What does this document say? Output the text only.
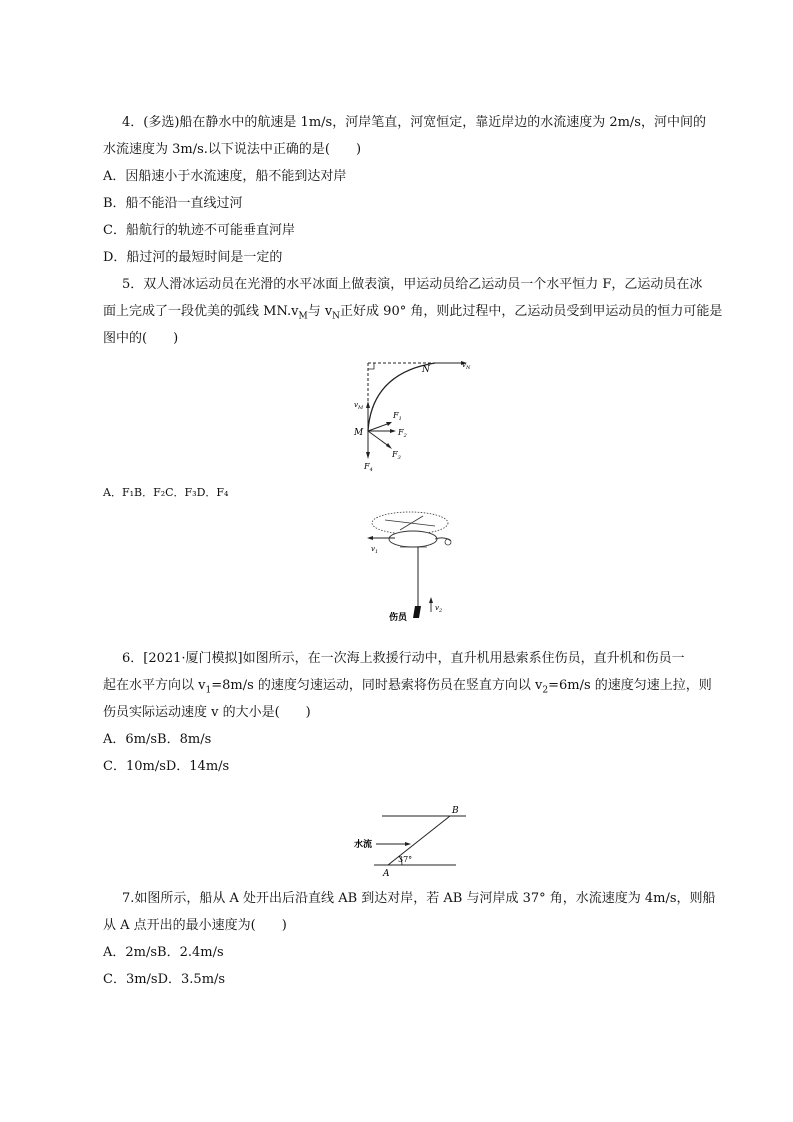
4．(多选)船在静水中的航速是 1m/s，河岸笔直，河宽恒定，靠近岸边的水流速度为 2m/s，河中间的
水流速度为 3m/s.以下说法中正确的是(　　)
A．因船速小于水流速度，船不能到达对岸
B．船不能沿一直线过河
C．船航行的轨迹不可能垂直河岸
D．船过河的最短时间是一定的
5．双人滑冰运动员在光滑的水平冰面上做表演，甲运动员给乙运动员一个水平恒力 F，乙运动员在冰
面上完成了一段优美的弧线 $MN.v_M$与 $v_N$正好成 90° 角，则此过程中，乙运动员受到甲运动员的恒力可能是
图中的(　　)
N	$v_N$
$v_M$
M
$F_1$
$F_2$
$F_3$
$F_4$
A．F₁B．F₂C．F₃D．F₄
$v_1$
$v_2$
伤员
6．[2021·厦门模拟]如图所示，在一次海上救援行动中，直升机用悬索系住伤员，直升机和伤员一
起在水平方向以 $v_1=8m/s$ 的速度匀速运动，同时悬索将伤员在竖直方向以 $v_2=6m/s$ 的速度匀速上拉，则
伤员实际运动速度 v 的大小是(　　)
A．6m/sB．8m/s
C．10m/sD．14m/s
B
A
水流
37°
7.如图所示，船从 A 处开出后沿直线 AB 到达对岸，若 AB 与河岸成 37° 角，水流速度为 4m/s，则船
从 A 点开出的最小速度为(　　)
A．2m/sB．2.4m/s
C．3m/sD．3.5m/s
